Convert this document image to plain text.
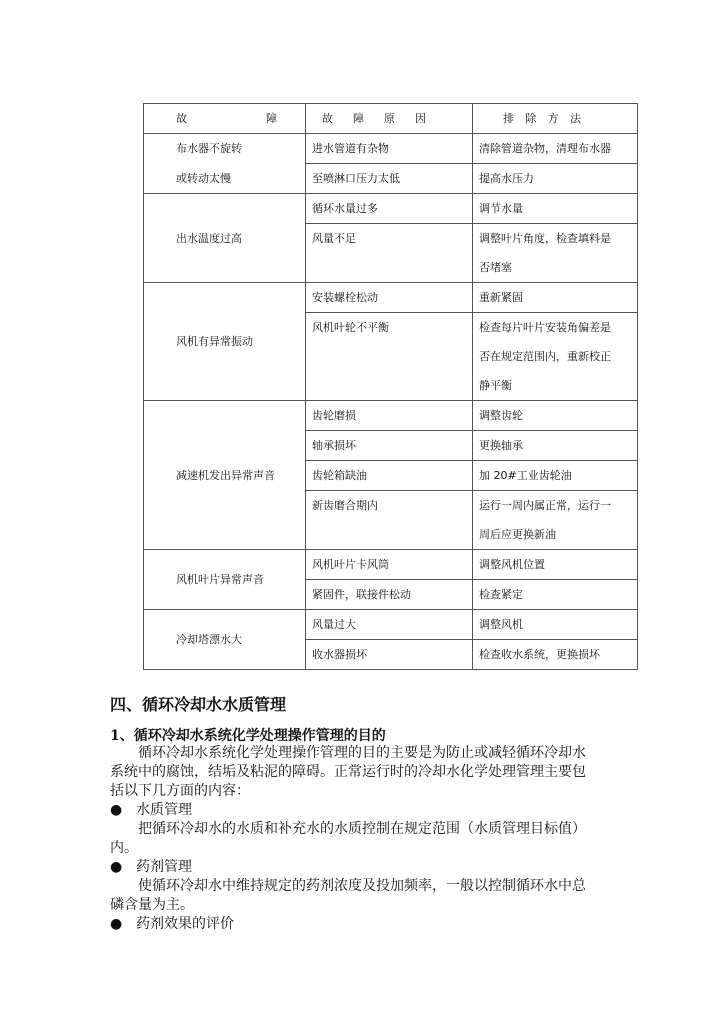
故 障	故 障 原 因	排 除 方 法

布水器不旋转	进水管道有杂物	清除管道杂物，清理布水器
或转动太慢	至喷淋口压力太低	提高水压力
出水温度过高	循环水量过多	调节水量
	风量不足	调整叶片角度，检查填料是
		否堵塞
风机有异常振动	安装螺栓松动	重新紧固
	风机叶轮不平衡	检查每片叶片安装角偏差是
		否在规定范围内，重新校正
		静平衡
减速机发出异常声音	齿轮磨损	调整齿轮
	轴承损坏	更换轴承
	齿轮箱缺油	加 20#工业齿轮油
	新齿磨合期内	运行一周内属正常，运行一
		周后应更换新油
风机叶片异常声音	风机叶片卡风筒	调整风机位置
	紧固件，联接件松动	检查紧定
冷却塔漂水大	风量过大	调整风机
	收水器损坏	检查收水系统，更换损坏
四、循环冷却水水质管理
1、循环冷却水系统化学处理操作管理的目的

循环冷却水系统化学处理操作管理的目的主要是为防止或减轻循环冷却水

系统中的腐蚀，结垢及粘泥的障碍。正常运行时的冷却水化学处理管理主要包

括以下几方面的内容：

● 水质管理

把循环冷却水的水质和补充水的水质控制在规定范围（水质管理目标值）

内。

● 药剂管理

使循环冷却水中维持规定的药剂浓度及投加频率，一般以控制循环水中总

磷含量为主。

● 药剂效果的评价
